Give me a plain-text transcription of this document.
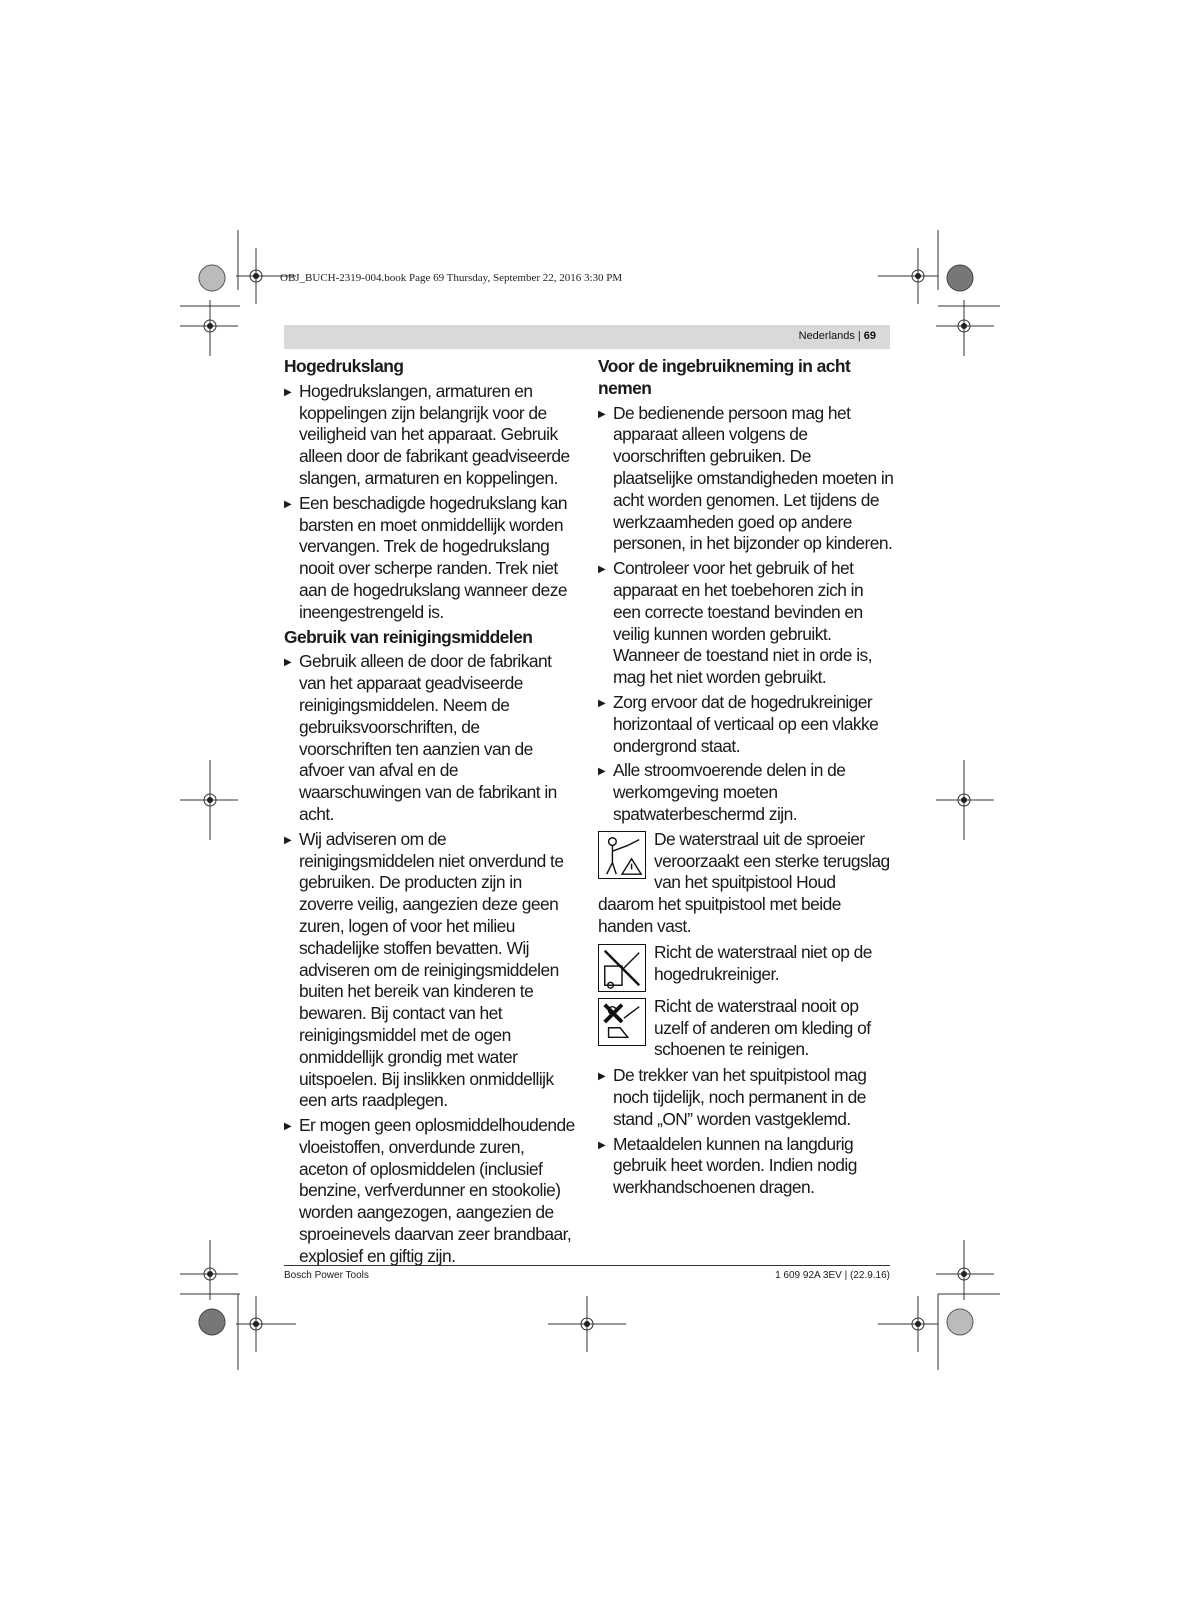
OBJ_BUCH-2319-004.book Page 69 Thursday, September 22, 2016 3:30 PM
Nederlands | 69
Hogedrukslang
▶ Hogedrukslangen, armaturen en koppelingen zijn belangrijk voor de veiligheid van het apparaat. Gebruik alleen door de fabrikant geadviseerde slangen, armaturen en koppelingen.
▶ Een beschadigde hogedrukslang kan barsten en moet onmiddellijk worden vervangen. Trek de hogedrukslang nooit over scherpe randen. Trek niet aan de hogedrukslang wanneer deze ineengestrengeld is.
Gebruik van reinigingsmiddelen
▶ Gebruik alleen de door de fabrikant van het apparaat geadviseerde reinigingsmiddelen. Neem de gebruiksvoorschriften, de voorschriften ten aanzien van de afvoer van afval en de waarschuwingen van de fabrikant in acht.
▶ Wij adviseren om de reinigingsmiddelen niet onverdund te gebruiken. De producten zijn in zoverre veilig, aangezien deze geen zuren, logen of voor het milieu schadelijke stoffen bevatten. Wij adviseren om de reinigingsmiddelen buiten het bereik van kinderen te bewaren. Bij contact van het reinigingsmiddel met de ogen onmiddellijk grondig met water uitspoelen. Bij inslikken onmiddellijk een arts raadplegen.
▶ Er mogen geen oplosmiddelhoudende vloeistoffen, onverdunde zuren, aceton of oplosmiddelen (inclusief benzine, verfverdunner en stookolie) worden aangezogen, aangezien de sproeinevels daarvan zeer brandbaar, explosief en giftig zijn.
Voor de ingebruikneming in acht nemen
▶ De bedienende persoon mag het apparaat alleen volgens de voorschriften gebruiken. De plaatselijke omstandigheden moeten in acht worden genomen. Let tijdens de werkzaamheden goed op andere personen, in het bijzonder op kinderen.
▶ Controleer voor het gebruik of het apparaat en het toebehoren zich in een correcte toestand bevinden en veilig kunnen worden gebruikt. Wanneer de toestand niet in orde is, mag het niet worden gebruikt.
▶ Zorg ervoor dat de hogedrukreiniger horizontaal of verticaal op een vlakke ondergrond staat.
▶ Alle stroomvoerende delen in de werkomgeving moeten spatwaterbeschermd zijn.

De waterstraal uit de sproeier veroorzaakt een sterke terugslag van het spuitpistool Houd daarom het spuitpistool met beide handen vast.

Richt de waterstraal niet op de hogedrukreiniger.

Richt de waterstraal nooit op uzelf of anderen om kleding of schoenen te reinigen.

▶ De trekker van het spuitpistool mag noch tijdelijk, noch permanent in de stand „ON” worden vastgeklemd.
▶ Metaaldelen kunnen na langdurig gebruik heet worden. Indien nodig werkhandschoenen dragen.
Bosch Power Tools	1 609 92A 3EV | (22.9.16)
